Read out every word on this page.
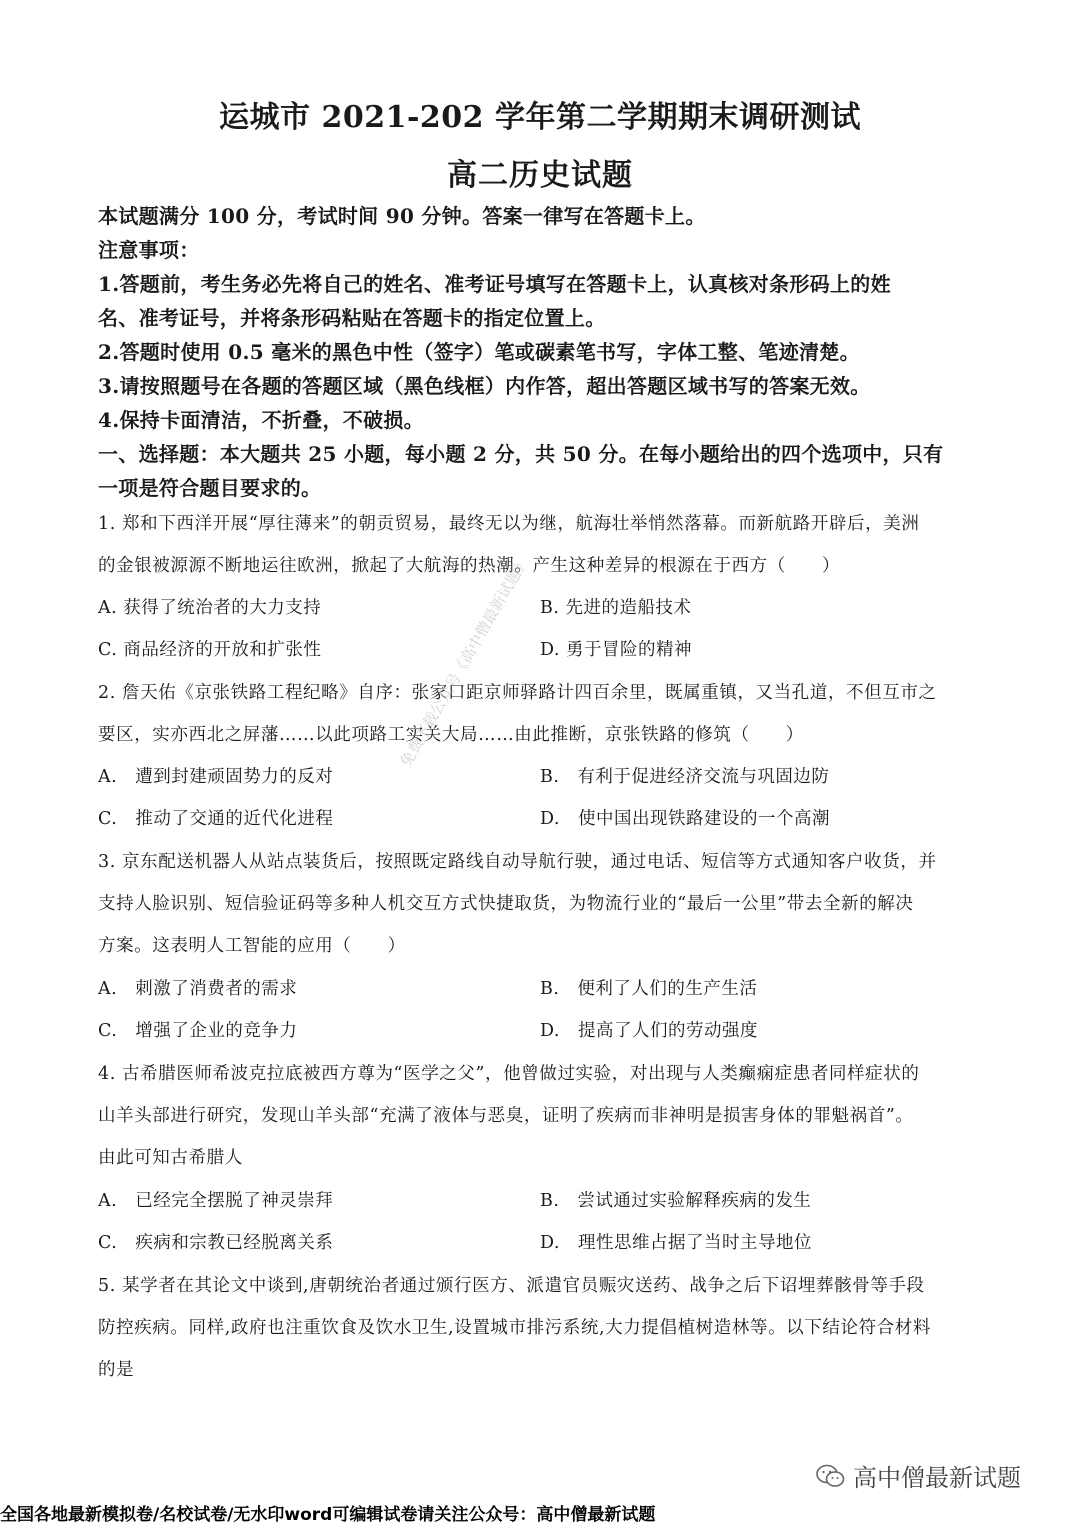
运城市 2021-202 学年第二学期期末调研测试
高二历史试题
本试题满分 100 分，考试时间 90 分钟。答案一律写在答题卡上。
注意事项：
1.答题前，考生务必先将自己的姓名、准考证号填写在答题卡上，认真核对条形码上的姓
名、准考证号，并将条形码粘贴在答题卡的指定位置上。
2.答题时使用 0.5 毫米的黑色中性（签字）笔或碳素笔书写，字体工整、笔迹清楚。
3.请按照题号在各题的答题区域（黑色线框）内作答，超出答题区域书写的答案无效。
4.保持卡面清洁，不折叠，不破损。
一、选择题：本大题共 25 小题，每小题 2 分，共 50 分。在每小题给出的四个选项中，只有
一项是符合题目要求的。
1. 郑和下西洋开展“厚往薄来”的朝贡贸易，最终无以为继，航海壮举悄然落幕。而新航路开辟后，美洲
的金银被源源不断地运往欧洲，掀起了大航海的热潮。产生这种差异的根源在于西方（　　）
A. 获得了统治者的大力支持	B. 先进的造船技术
C. 商品经济的开放和扩张性	D. 勇于冒险的精神
2. 詹天佑《京张铁路工程纪略》自序：张家口距京师驿路计四百余里，既属重镇，又当孔道，不但互市之
要区，实亦西北之屏藩……以此项路工实关大局……由此推断，京张铁路的修筑（　　）
A.　遭到封建顽固势力的反对	B.　有利于促进经济交流与巩固边防
C.　推动了交通的近代化进程	D.　使中国出现铁路建设的一个高潮
3. 京东配送机器人从站点装货后，按照既定路线自动导航行驶，通过电话、短信等方式通知客户收货，并
支持人脸识别、短信验证码等多种人机交互方式快捷取货，为物流行业的“最后一公里”带去全新的解决
方案。这表明人工智能的应用（　　）
A.　刺激了消费者的需求	B.　便利了人们的生产生活
C.　增强了企业的竞争力	D.　提高了人们的劳动强度
4. 古希腊医师希波克拉底被西方尊为“医学之父”，他曾做过实验，对出现与人类癫痫症患者同样症状的
山羊头部进行研究，发现山羊头部“充满了液体与恶臭，证明了疾病而非神明是损害身体的罪魁祸首”。
由此可知古希腊人
A.　已经完全摆脱了神灵崇拜	B.　尝试通过实验解释疾病的发生
C.　疾病和宗教已经脱离关系	D.　理性思维占据了当时主导地位
5. 某学者在其论文中谈到,唐朝统治者通过颁行医方、派遣官员赈灾送药、战争之后下诏埋葬骸骨等手段
防控疾病。同样,政府也注重饮食及饮水卫生,设置城市排污系统,大力提倡植树造林等。以下结论符合材料
的是
免费下载公众号《高中僧最新试题》
高中僧最新试题
全国各地最新模拟卷/名校试卷/无水印word可编辑试卷请关注公众号：高中僧最新试题
